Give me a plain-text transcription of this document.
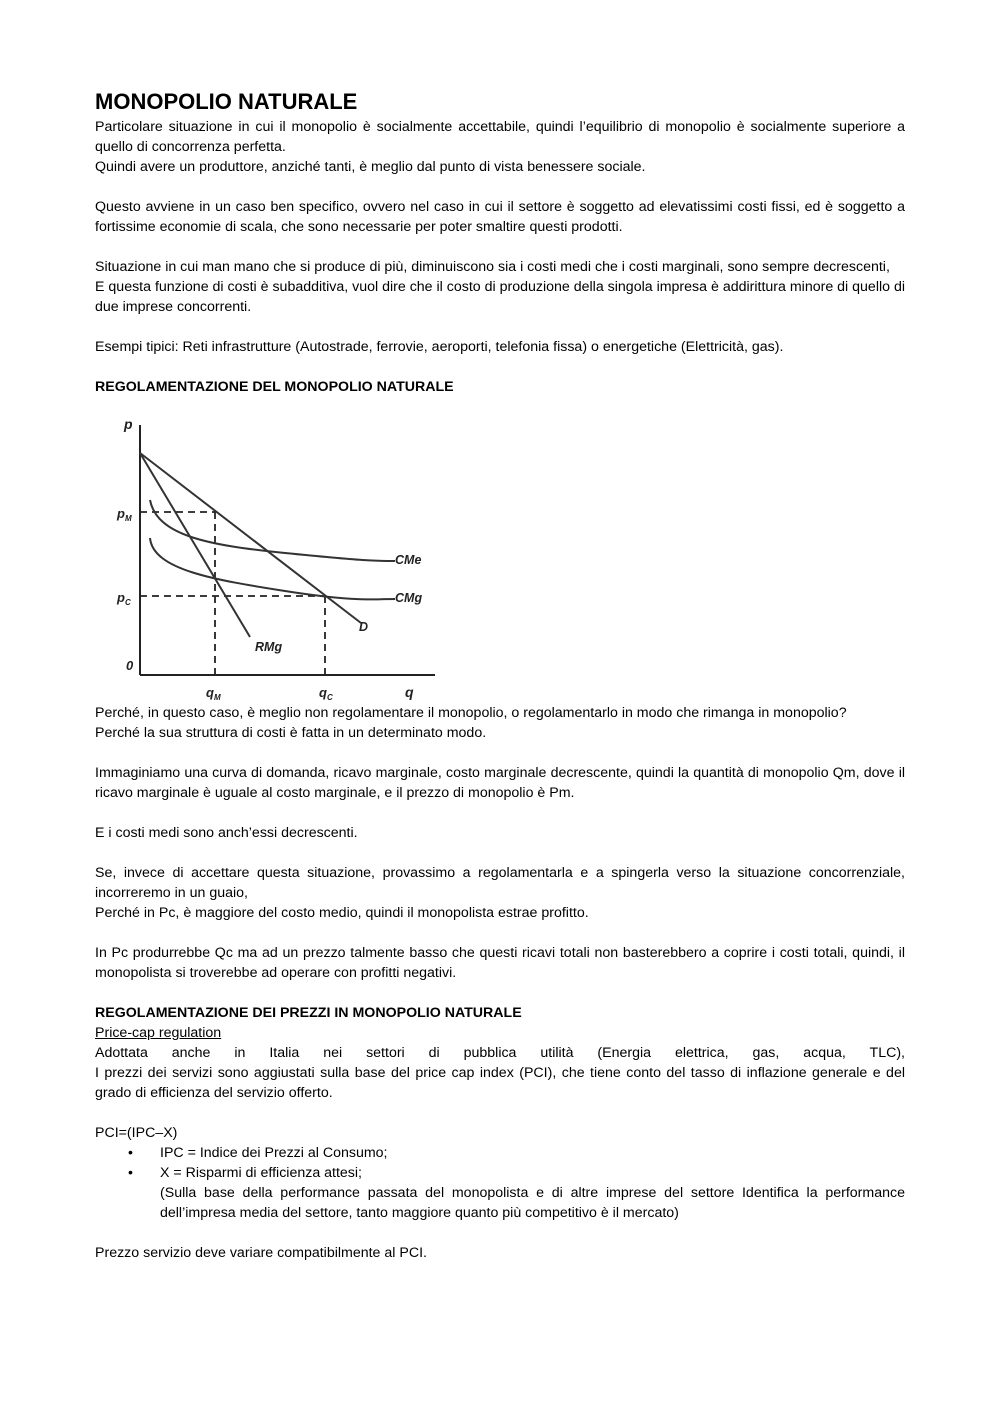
MONOPOLIO NATURALE

Particolare situazione in cui il monopolio è socialmente accettabile, quindi l’equilibrio di monopolio è socialmente superiore a quello di concorrenza perfetta.

Quindi avere un produttore, anziché tanti, è meglio dal punto di vista benessere sociale.

Questo avviene in un caso ben specifico, ovvero nel caso in cui il settore è soggetto ad elevatissimi costi fissi, ed è soggetto a fortissime economie di scala, che sono necessarie per poter smaltire questi prodotti.

Situazione in cui man mano che si produce di più, diminuiscono sia i costi medi che i costi marginali, sono sempre decrescenti,

E questa funzione di costi è subadditiva, vuol dire che il costo di produzione della singola impresa è addirittura minore di quello di due imprese concorrenti.

Esempi tipici: Reti infrastrutture (Autostrade, ferrovie, aeroporti, telefonia fissa) o energetiche (Elettricità, gas).

REGOLAMENTAZIONE DEL MONOPOLIO NATURALE

p
q
0
$p_M$
$p_C$
$q_M$	$q_C$
CMe
CMg
D
RMg

Perché, in questo caso, è meglio non regolamentare il monopolio, o regolamentarlo in modo che rimanga in monopolio?

Perché la sua struttura di costi è fatta in un determinato modo.

Immaginiamo una curva di domanda, ricavo marginale, costo marginale decrescente, quindi la quantità di monopolio Qm, dove il ricavo marginale è uguale al costo marginale, e il prezzo di monopolio è Pm.

E i costi medi sono anch’essi decrescenti.

Se, invece di accettare questa situazione, provassimo a regolamentarla e a spingerla verso la situazione concorrenziale, incorreremo in un guaio,

Perché in Pc, è maggiore del costo medio, quindi il monopolista estrae profitto.

In Pc produrrebbe Qc ma ad un prezzo talmente basso che questi ricavi totali non basterebbero a coprire i costi totali, quindi, il monopolista si troverebbe ad operare con profitti negativi.

REGOLAMENTAZIONE DEI PREZZI IN MONOPOLIO NATURALE

Price-cap regulation

Adottata anche in Italia nei settori di pubblica utilità (Energia elettrica, gas, acqua, TLC),

I prezzi dei servizi sono aggiustati sulla base del price cap index (PCI), che tiene conto del tasso di inflazione generale e del grado di efficienza del servizio offerto.

PCI=(IPC–X)

• IPC = Indice dei Prezzi al Consumo;
• X = Risparmi di efficienza attesi;

(Sulla base della performance passata del monopolista e di altre imprese del settore Identifica la performance dell’impresa media del settore, tanto maggiore quanto più competitivo è il mercato)

Prezzo servizio deve variare compatibilmente al PCI.
